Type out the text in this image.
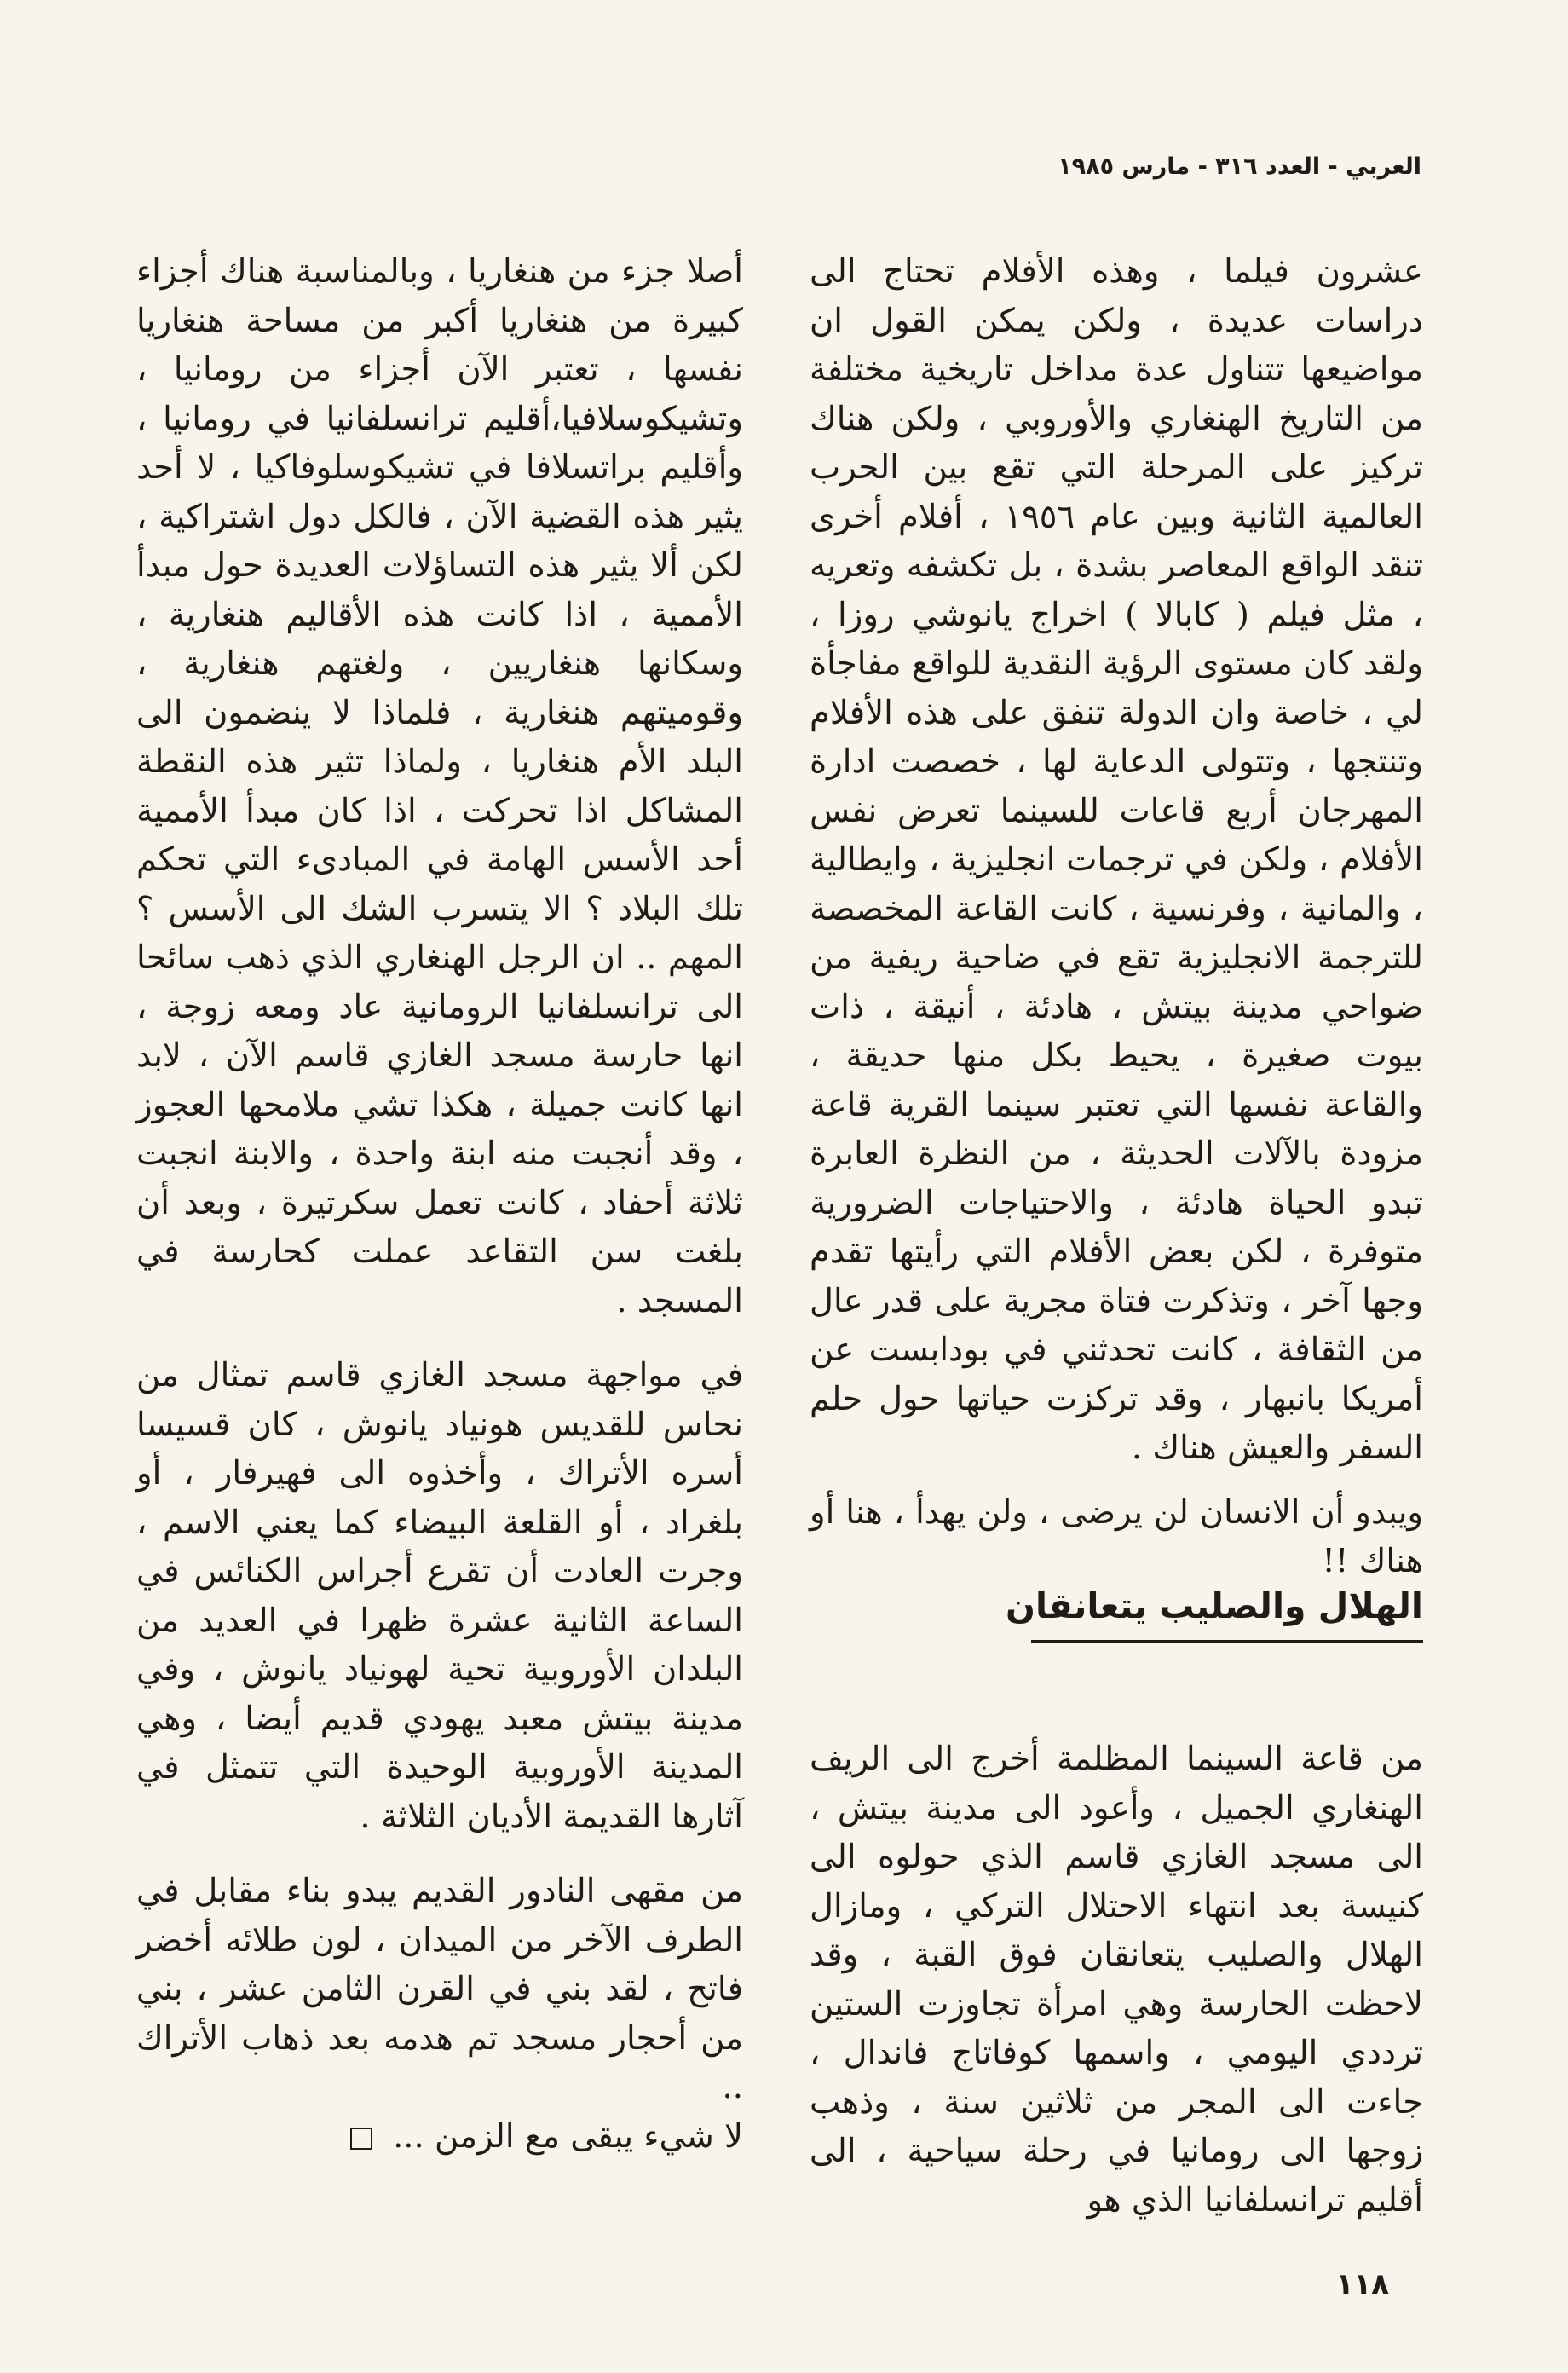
العربي - العدد ٣١٦ - مارس ١٩٨٥

عشرون فيلما ، وهذه الأفلام تحتاج الى دراسات عديدة ، ولكن يمكن القول ان مواضيعها تتناول عدة مداخل تاريخية مختلفة من التاريخ الهنغاري والأوروبي ، ولكن هناك تركيز على المرحلة التي تقع بين الحرب العالمية الثانية وبين عام ١٩٥٦ ، أفلام أخرى تنقد الواقع المعاصر بشدة ، بل تكشفه وتعريه ، مثل فيلم ( كابالا ) اخراج يانوشي روزا ، ولقد كان مستوى الرؤية النقدية للواقع مفاجأة لي ، خاصة وان الدولة تنفق على هذه الأفلام وتنتجها ، وتتولى الدعاية لها ، خصصت ادارة المهرجان أربع قاعات للسينما تعرض نفس الأفلام ، ولكن في ترجمات انجليزية ، وايطالية ، والمانية ، وفرنسية ، كانت القاعة المخصصة للترجمة الانجليزية تقع في ضاحية ريفية من ضواحي مدينة بيتش ، هادئة ، أنيقة ، ذات بيوت صغيرة ، يحيط بكل منها حديقة ، والقاعة نفسها التي تعتبر سينما القرية قاعة مزودة بالآلات الحديثة ، من النظرة العابرة تبدو الحياة هادئة ، والاحتياجات الضرورية متوفرة ، لكن بعض الأفلام التي رأيتها تقدم وجها آخر ، وتذكرت فتاة مجرية على قدر عال من الثقافة ، كانت تحدثني في بودابست عن أمريكا بانبهار ، وقد تركزت حياتها حول حلم السفر والعيش هناك .

ويبدو أن الانسان لن يرضى ، ولن يهدأ ، هنا أو هناك !!

الهلال والصليب يتعانقان

من قاعة السينما المظلمة أخرج الى الريف الهنغاري الجميل ، وأعود الى مدينة بيتش ، الى مسجد الغازي قاسم الذي حولوه الى كنيسة بعد انتهاء الاحتلال التركي ، ومازال الهلال والصليب يتعانقان فوق القبة ، وقد لاحظت الحارسة وهي امرأة تجاوزت الستين ترددي اليومي ، واسمها كوفاتاج فاندال ، جاءت الى المجر من ثلاثين سنة ، وذهب زوجها الى رومانيا في رحلة سياحية ، الى أقليم ترانسلفانيا الذي هو

أصلا جزء من هنغاريا ، وبالمناسبة هناك أجزاء كبيرة من هنغاريا أكبر من مساحة هنغاريا نفسها ، تعتبر الآن أجزاء من رومانيا ، وتشيكوسلافيا،أقليم ترانسلفانيا في رومانيا ، وأقليم براتسلافا في تشيكوسلوفاكيا ، لا أحد يثير هذه القضية الآن ، فالكل دول اشتراكية ، لكن ألا يثير هذه التساؤلات العديدة حول مبدأ الأممية ، اذا كانت هذه الأقاليم هنغارية ، وسكانها هنغاريين ، ولغتهم هنغارية ، وقوميتهم هنغارية ، فلماذا لا ينضمون الى البلد الأم هنغاريا ، ولماذا تثير هذه النقطة المشاكل اذا تحركت ، اذا كان مبدأ الأممية أحد الأسس الهامة في المبادىء التي تحكم تلك البلاد ؟ الا يتسرب الشك الى الأسس ؟ المهم .. ان الرجل الهنغاري الذي ذهب سائحا الى ترانسلفانيا الرومانية عاد ومعه زوجة ، انها حارسة مسجد الغازي قاسم الآن ، لابد انها كانت جميلة ، هكذا تشي ملامحها العجوز ، وقد أنجبت منه ابنة واحدة ، والابنة انجبت ثلاثة أحفاد ، كانت تعمل سكرتيرة ، وبعد أن بلغت سن التقاعد عملت كحارسة في المسجد .

في مواجهة مسجد الغازي قاسم تمثال من نحاس للقديس هونياد يانوش ، كان قسيسا أسره الأتراك ، وأخذوه الى فهيرفار ، أو بلغراد ، أو القلعة البيضاء كما يعني الاسم ، وجرت العادت أن تقرع أجراس الكنائس في الساعة الثانية عشرة ظهرا في العديد من البلدان الأوروبية تحية لهونياد يانوش ، وفي مدينة بيتش معبد يهودي قديم أيضا ، وهي المدينة الأوروبية الوحيدة التي تتمثل في آثارها القديمة الأديان الثلاثة .

من مقهى النادور القديم يبدو بناء مقابل في الطرف الآخر من الميدان ، لون طلائه أخضر فاتح ، لقد بني في القرن الثامن عشر ، بني من أحجار مسجد تم هدمه بعد ذهاب الأتراك ..

لا شيء يبقى مع الزمن ...

١١٨
